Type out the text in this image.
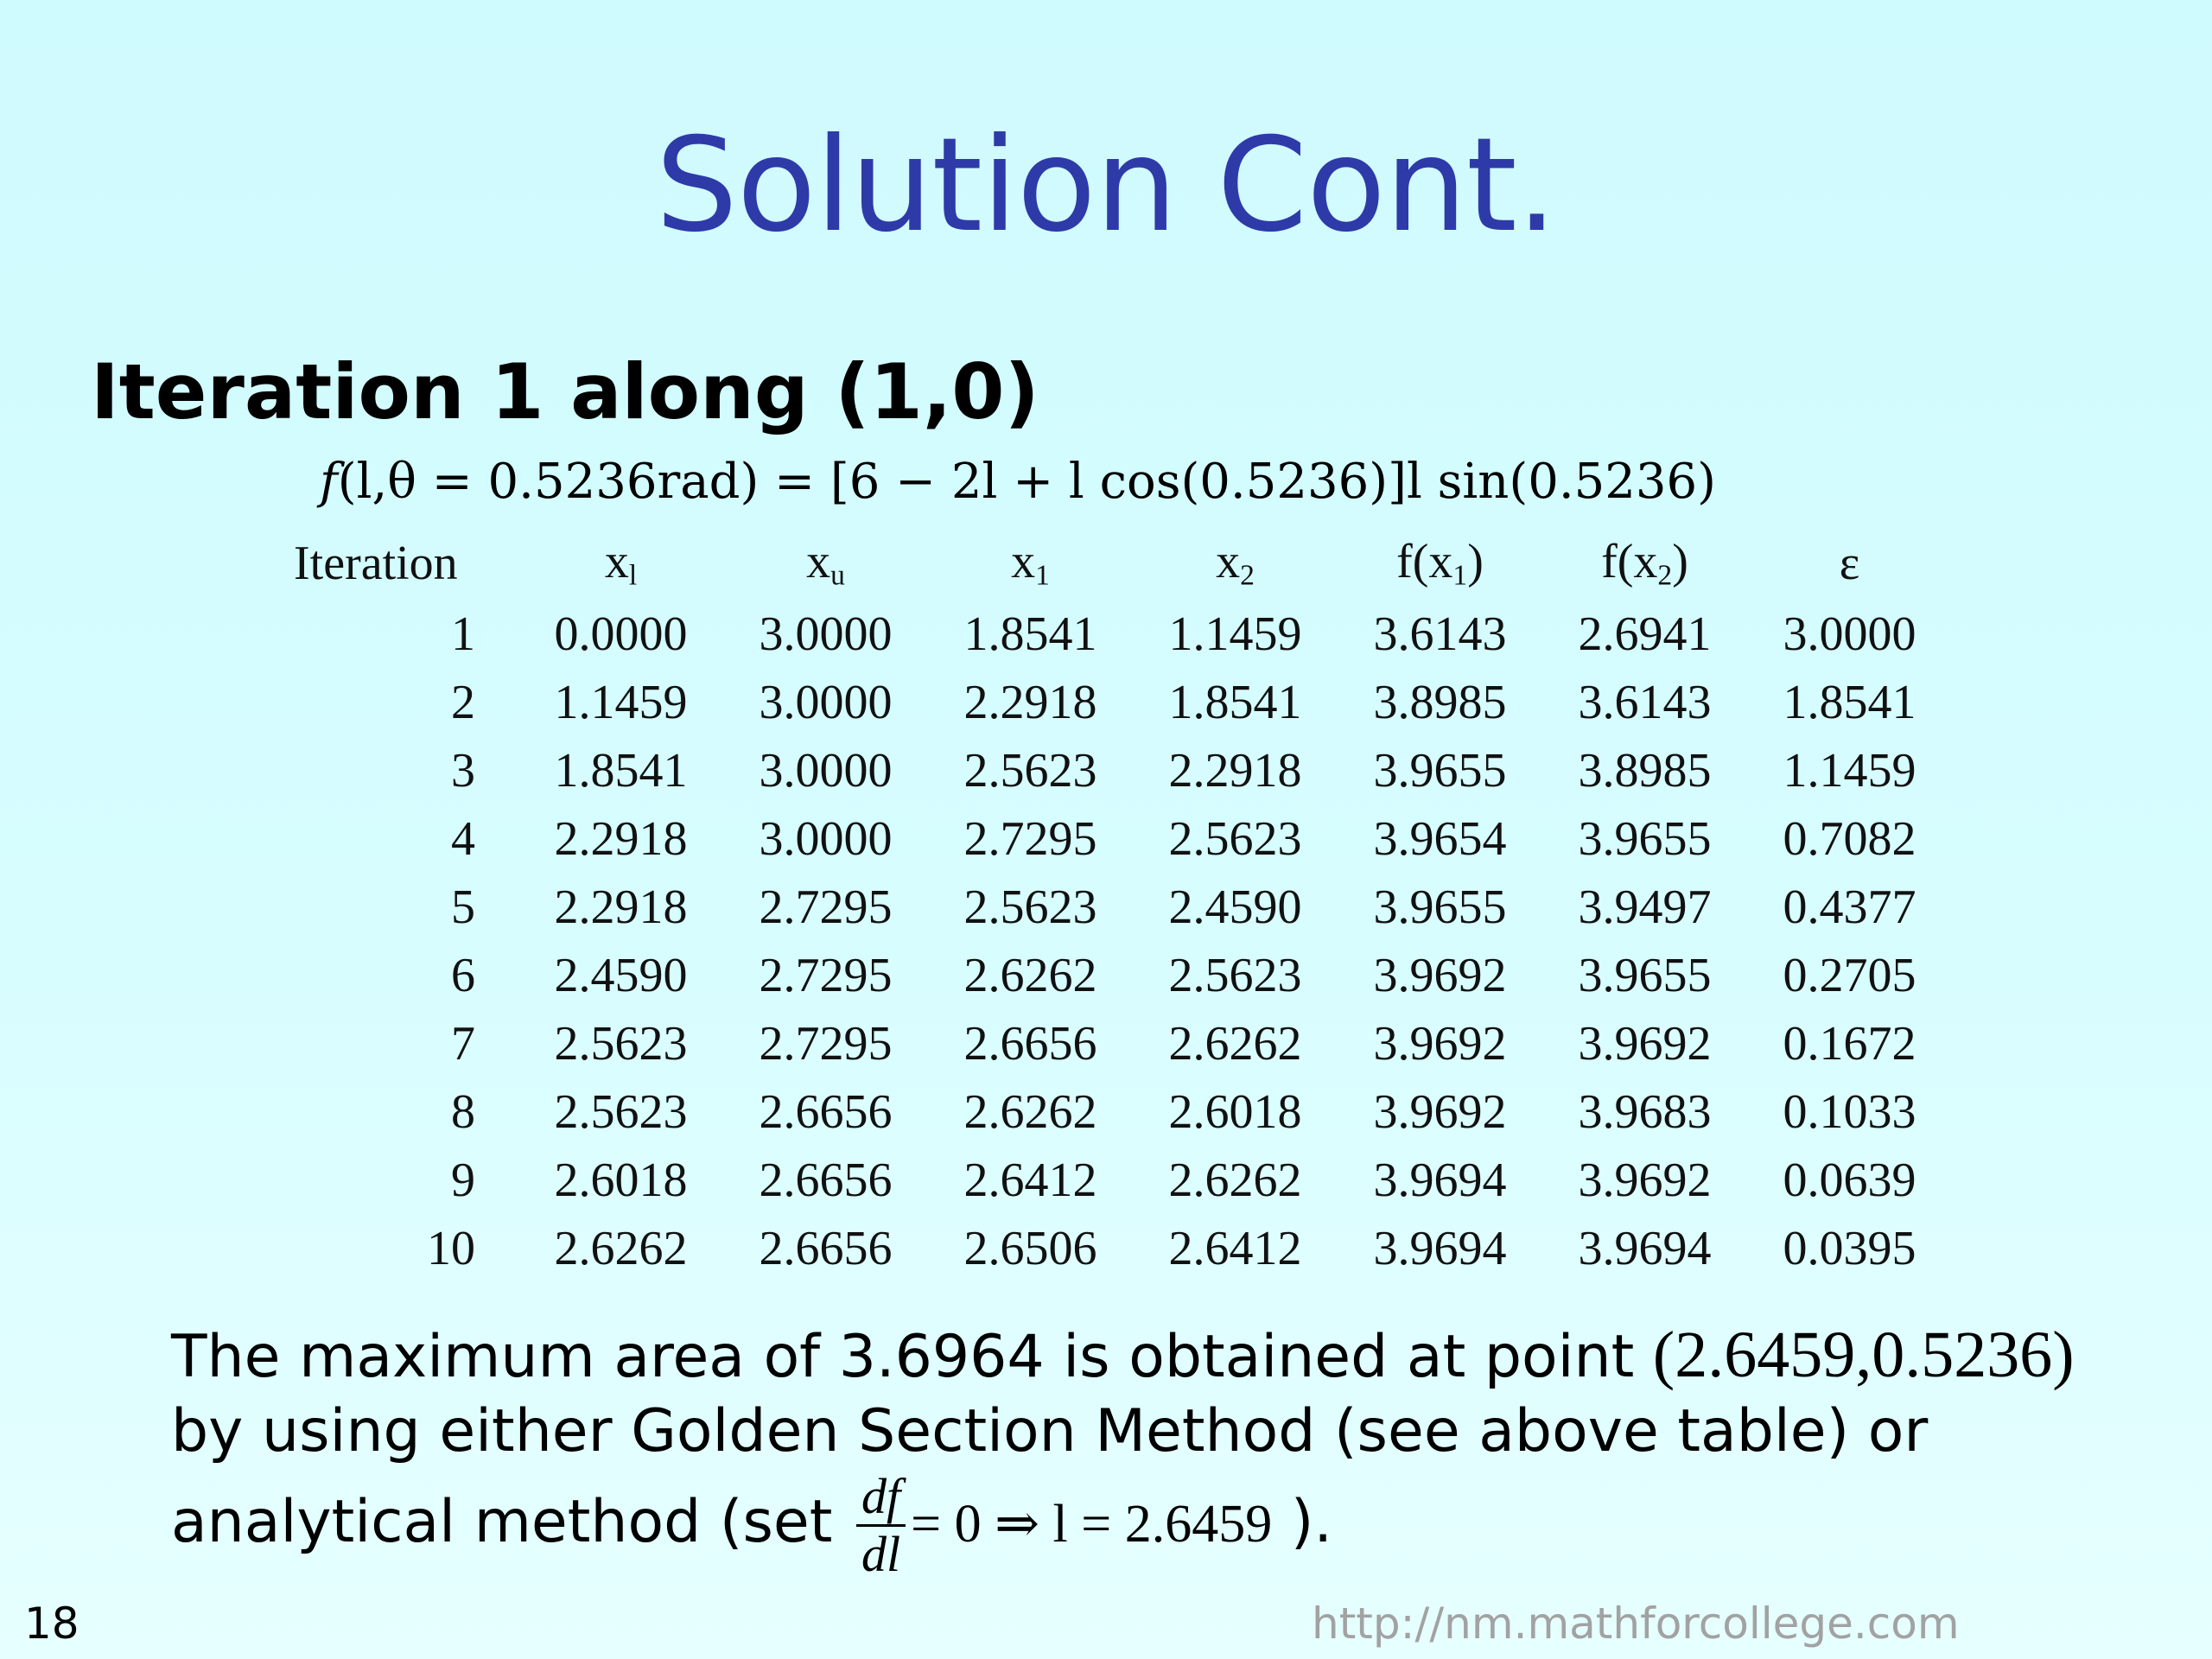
Solution Cont.
Iteration 1 along (1,0)
f(l,θ = 0.5236rad) = [6 − 2l + l cos(0.5236)]l sin(0.5236)
Iteration	$x_l$	$x_u$	$x_1$	$x_2$	$f(x_1)$	$f(x_2)$	ε
1	0.0000	3.0000	1.8541	1.1459	3.6143	2.6941	3.0000
2	1.1459	3.0000	2.2918	1.8541	3.8985	3.6143	1.8541
3	1.8541	3.0000	2.5623	2.2918	3.9655	3.8985	1.1459
4	2.2918	3.0000	2.7295	2.5623	3.9654	3.9655	0.7082
5	2.2918	2.7295	2.5623	2.4590	3.9655	3.9497	0.4377
6	2.4590	2.7295	2.6262	2.5623	3.9692	3.9655	0.2705
7	2.5623	2.7295	2.6656	2.6262	3.9692	3.9692	0.1672
8	2.5623	2.6656	2.6262	2.6018	3.9692	3.9683	0.1033
9	2.6018	2.6656	2.6412	2.6262	3.9694	3.9692	0.0639
10	2.6262	2.6656	2.6506	2.6412	3.9694	3.9694	0.0395
The maximum area of 3.6964 is obtained at point (2.6459,0.5236)
by using either Golden Section Method (see above table) or
analytical method ($set \frac{df}{dl} = 0$ ⇒ l = 2.6459 ).
18	http://nm.mathforcollege.com
